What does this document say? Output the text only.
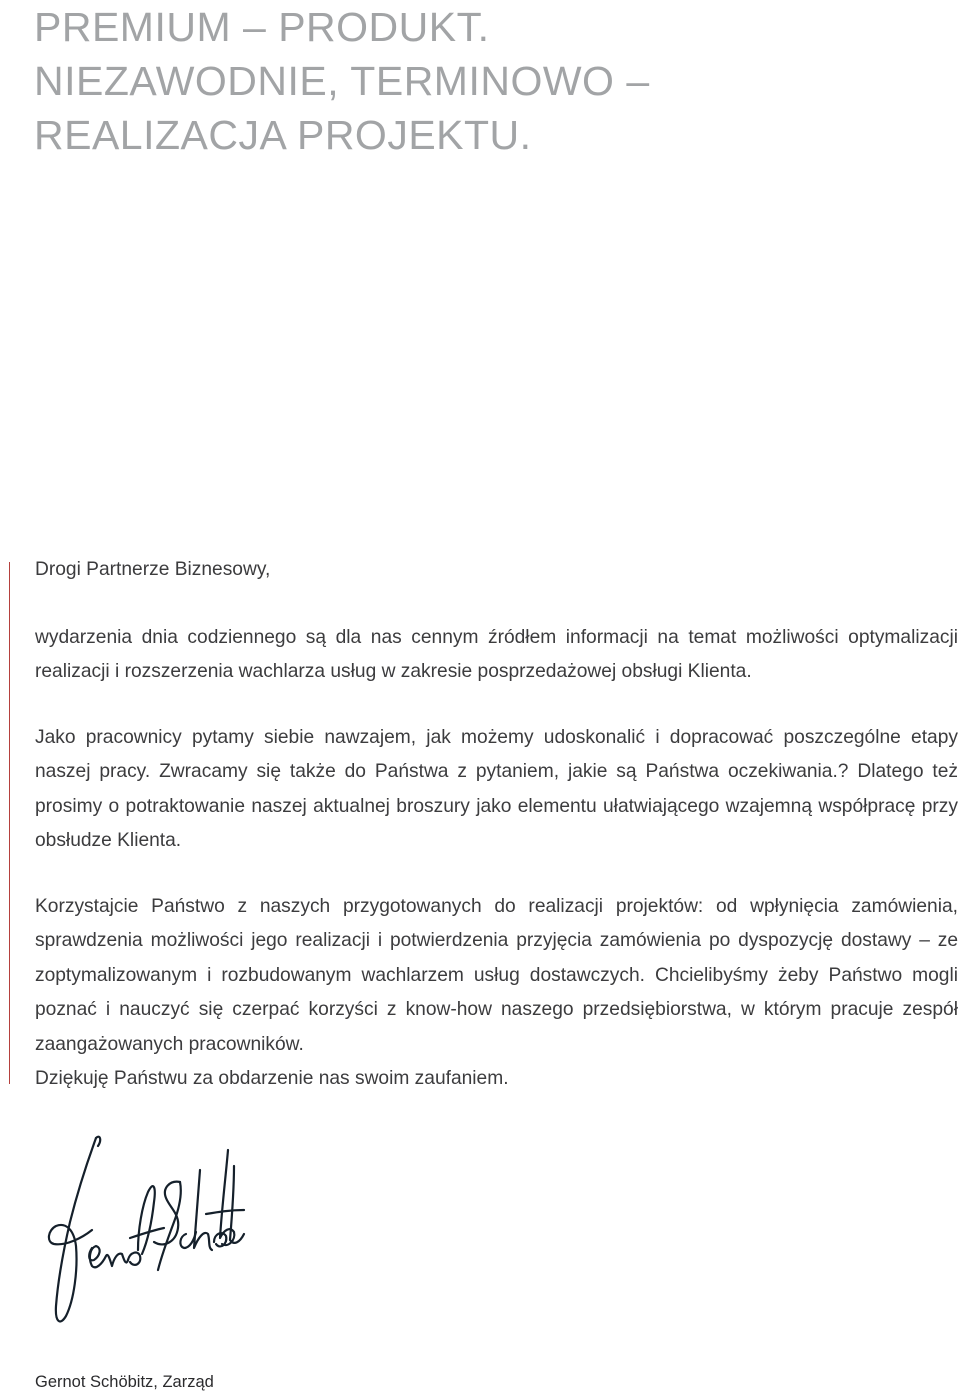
PREMIUM – PRODUKT.
NIEZAWODNIE, TERMINOWO –
REALIZACJA PROJEKTU.

Drogi Partnerze Biznesowy,

wydarzenia dnia codziennego są dla nas cennym źródłem informacji na temat możliwości optymalizacji realizacji i rozszerzenia wachlarza usług w zakresie posprzedażowej obsługi Klienta.

Jako pracownicy pytamy siebie nawzajem, jak możemy udoskonalić i dopracować poszczególne etapy naszej pracy. Zwracamy się także do Państwa z pytaniem, jakie są Państwa oczekiwania.? Dlatego też prosimy o potraktowanie naszej aktualnej broszury jako elementu ułatwiającego wzajemną współpracę przy obsłudze Klienta.

Korzystajcie Państwo z naszych przygotowanych do realizacji projektów: od wpłynięcia zamówienia, sprawdzenia możliwości jego realizacji i potwierdzenia przyjęcia zamówienia po dyspozycję dostawy – ze zoptymalizowanym i rozbudowanym wachlarzem usług dostawczych. Chcielibyśmy żeby Państwo mogli poznać i nauczyć się czerpać korzyści z know-how naszego przedsiębiorstwa, w którym pracuje zespół zaangażowanych pracowników.

Dziękuję Państwu za obdarzenie nas swoim zaufaniem.

Gernot Schöbitz, Zarząd
